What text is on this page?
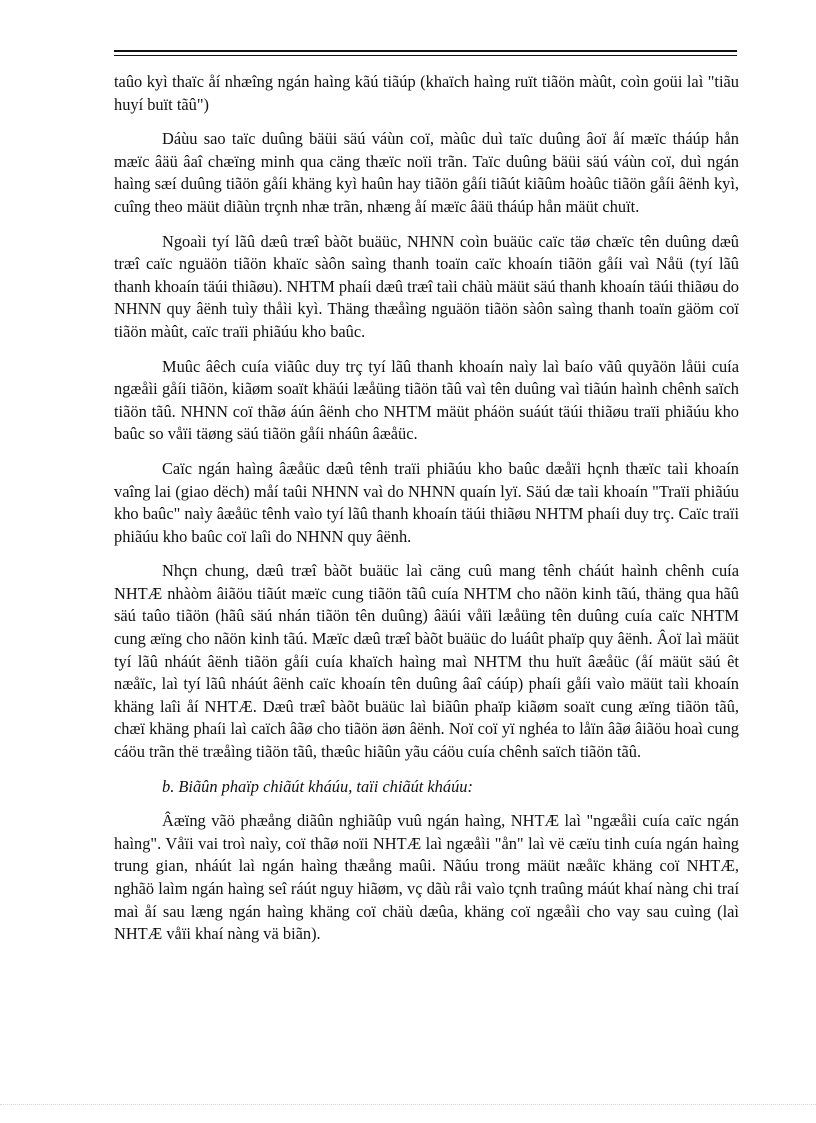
taûo kyì thaïc åí nhæîng ngán haìng kãú tiãúp (khaïch haìng ruït tiãön màût, coìn goüi laì "tiãu huyí buït tãû")

Dáùu sao taïc duûng bäüi säú váùn coï, màûc duì taïc duûng âoï åí mæïc tháúp hån mæïc âäü âaî chæïng minh qua cäng thæïc noïi trãn. Taïc duûng bäüi säú váùn coï, duì ngán haìng sæí duûng tiãön gåíi khäng kyì haûn hay tiãön gåíi tiãút kiãûm hoàûc tiãön gåíi âënh kyì, cuîng theo mäüt diãùn trçnh nhæ trãn, nhæng åí mæïc âäü tháúp hån mäüt chuït.

Ngoaìi tyí lãû dæû træî bàõt buäüc, NHNN coìn buäüc caïc täø chæïc tên duûng dæû træî caïc nguäön tiãön khaïc sàôn saìng thanh toaïn caïc khoaín tiãön gåíi vaì Nåü (tyí lãû thanh khoaín täúi thiãøu). NHTM phaíi dæû træî taìi chäù mäüt säú thanh khoaín täúi thiãøu do NHNN quy âënh tuìy thåìi kyì. Thäng thæåìng nguäön tiãön sàôn saìng thanh toaïn gäöm coï tiãön màût, caïc traïi phiãúu kho baûc.

Muûc âêch cuía viãûc duy trç tyí lãû thanh khoaín naìy laì baío vãû quyãön låüi cuía ngæåìi gåíi tiãön, kiãøm soaït khäúi læåüng tiãön tãû vaì tên duûng vaì tiãún haình chênh saïch tiãön tãû. NHNN coï thãø áún âënh cho NHTM mäüt pháön suáút täúi thiãøu traïi phiãúu kho baûc so våïi täøng säú tiãön gåíi nháûn âæåüc.

Caïc ngán haìng âæåüc dæû tênh traïi phiãúu kho baûc dæåïi hçnh thæïc taìi khoaín vaîng lai (giao dëch) måí taûi NHNN vaì do NHNN quaín lyï. Säú dæ taìi khoaín "Traïi phiãúu kho baûc" naìy âæåüc tênh vaìo tyí lãû thanh khoaín täúi thiãøu NHTM phaíi duy trç. Caïc traïi phiãúu kho baûc coï laîi do NHNN quy âënh.

Nhçn chung, dæû træî bàõt buäüc laì cäng cuû mang tênh cháút haình chênh cuía NHTÆ nhàòm âiãöu tiãút mæïc cung tiãön tãû cuía NHTM cho nãön kinh tãú, thäng qua hãû säú taûo tiãön (hãû säú nhán tiãön tên duûng) âäúi våïi læåüng tên duûng cuía caïc NHTM cung æïng cho nãön kinh tãú. Mæïc dæû træî bàõt buäüc do luáût phaïp quy âënh. Âoï laì mäüt tyí lãû nháút âënh tiãön gåíi cuía khaïch haìng maì NHTM thu huït âæåüc (åí mäüt säú êt næåïc, laì tyí lãû nháút âënh caïc khoaín tên duûng âaî cáúp) phaíi gåíi vaìo mäüt taìi khoaín khäng laîi åí NHTÆ. Dæû træî bàõt buäüc laì biãûn phaïp kiãøm soaït cung æïng tiãön tãû, chæï khäng phaíi laì caïch âãø cho tiãön äøn âënh. Noï coï yï nghéa to låïn âãø âiãöu hoaì cung cáöu trãn thë træåìng tiãön tãû, thæûc hiãûn yãu cáöu cuía chênh saïch tiãön tãû.

b. Biãûn phaïp chiãút kháúu, taïi chiãút kháúu:

Âæïng vãö phæång diãûn nghiãûp vuû ngán haìng, NHTÆ laì "ngæåìi cuía caïc ngán haìng". Våïi vai troì naìy, coï thãø noïi NHTÆ laì ngæåìi "ån" laì vë cæïu tinh cuía ngán haìng trung gian, nháút laì ngán haìng thæång maûi. Nãúu trong mäüt næåïc khäng coï NHTÆ, nghãö laìm ngán haìng seî ráút nguy hiãøm, vç dãù råi vaìo tçnh traûng máút khaí nàng chi traí maì åí sau læng ngán haìng khäng coï chäù dæûa, khäng coï ngæåìi cho vay sau cuìng (laì NHTÆ våïi khaí nàng vä biãn).
